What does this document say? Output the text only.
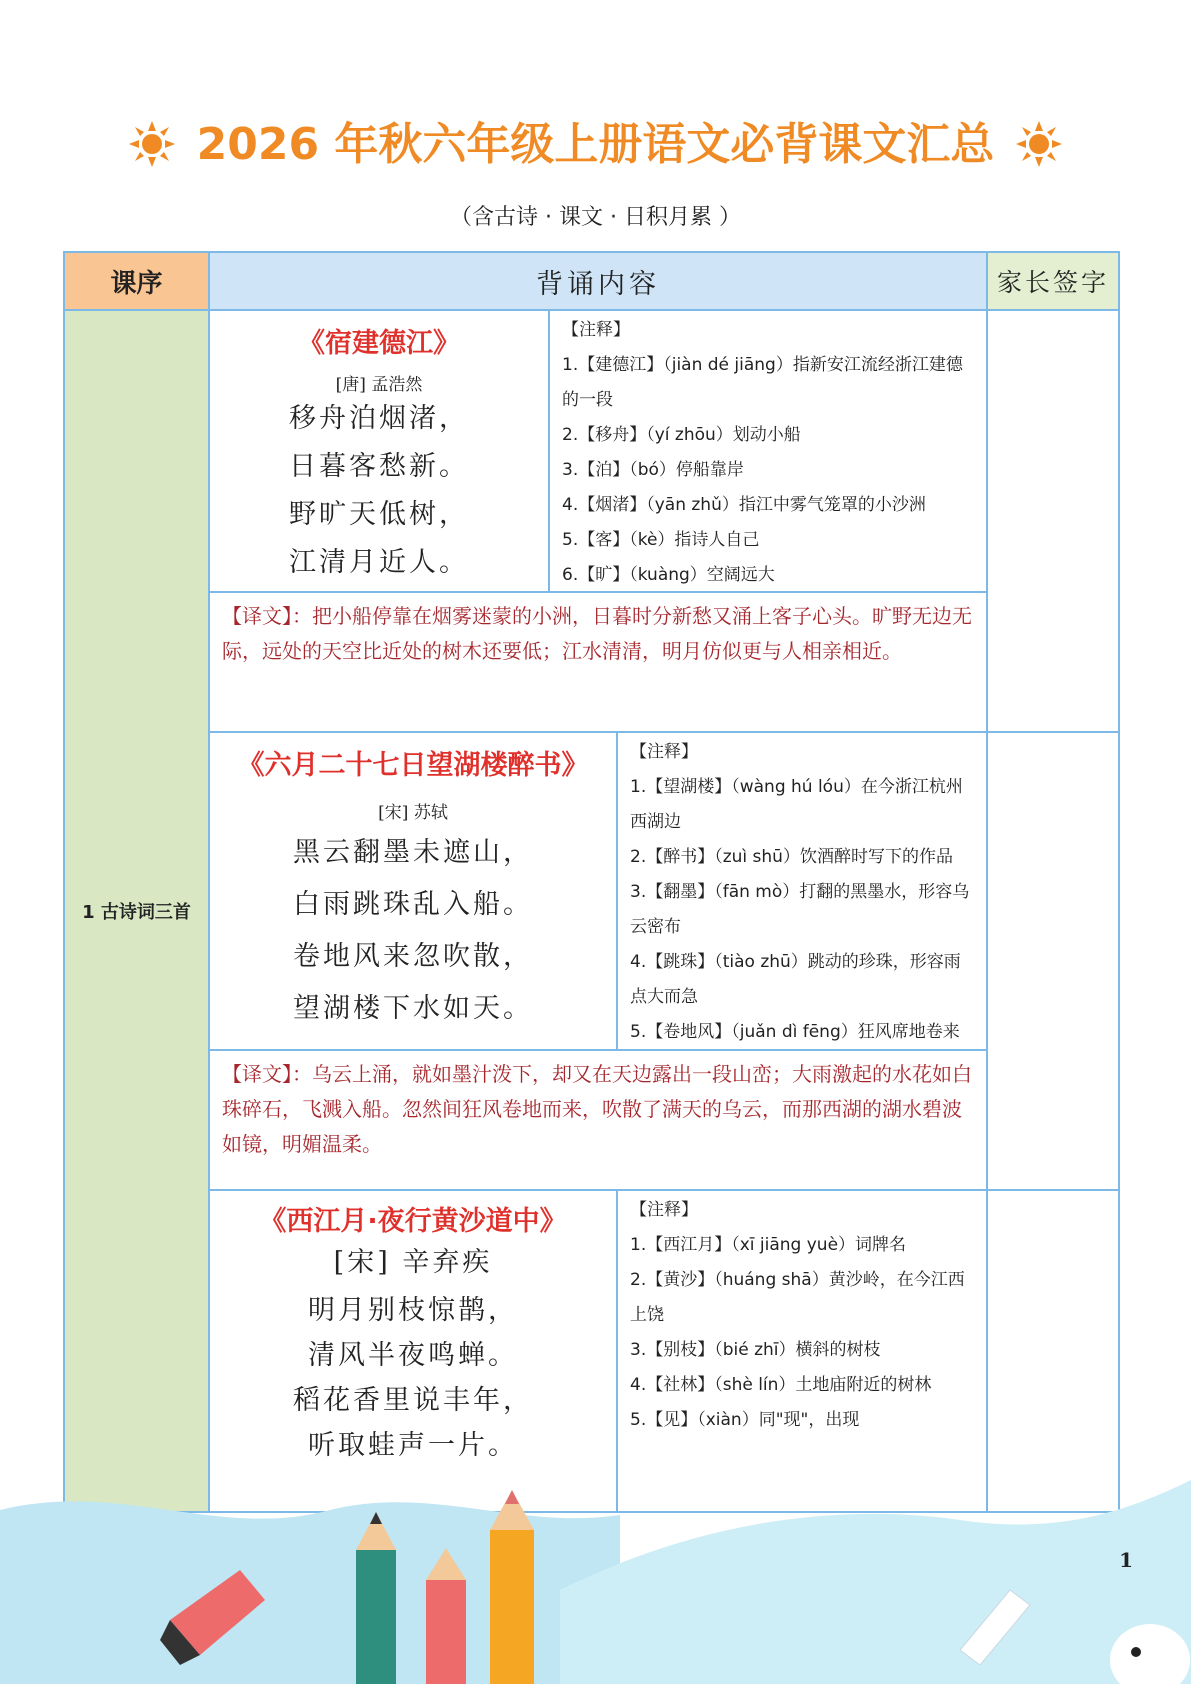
2026 年秋六年级上册语文必背课文汇总
（含古诗 · 课文 · 日积月累 ）
课序	背诵内容	家长签字
1 古诗词三首
《宿建德江》
[唐] 孟浩然
移舟泊烟渚，
日暮客愁新。
野旷天低树，
江清月近人。
【注释】
1.【建德江】（jiàn dé jiāng）指新安江流经浙江建德的一段
2.【移舟】（yí zhōu）划动小船
3.【泊】（bó）停船靠岸
4.【烟渚】（yān zhǔ）指江中雾气笼罩的小沙洲
5.【客】（kè）指诗人自己
6.【旷】（kuàng）空阔远大
【译文】：把小船停靠在烟雾迷蒙的小洲，日暮时分新愁又涌上客子心头。旷野无边无际，远处的天空比近处的树木还要低；江水清清，明月仿似更与人相亲相近。
《六月二十七日望湖楼醉书》
[宋] 苏轼
黑云翻墨未遮山，
白雨跳珠乱入船。
卷地风来忽吹散，
望湖楼下水如天。
【注释】
1.【望湖楼】（wàng hú lóu）在今浙江杭州西湖边
2.【醉书】（zuì shū）饮酒醉时写下的作品
3.【翻墨】（fān mò）打翻的黑墨水，形容乌云密布
4.【跳珠】（tiào zhū）跳动的珍珠，形容雨点大而急
5.【卷地风】（juǎn dì fēng）狂风席地卷来
【译文】：乌云上涌，就如墨汁泼下，却又在天边露出一段山峦；大雨激起的水花如白珠碎石，飞溅入船。忽然间狂风卷地而来，吹散了满天的乌云，而那西湖的湖水碧波如镜，明媚温柔。
《西江月·夜行黄沙道中》
[宋] 辛弃疾
明月别枝惊鹊，
清风半夜鸣蝉。
稻花香里说丰年，
听取蛙声一片。
【注释】
1.【西江月】（xī jiāng yuè）词牌名
2.【黄沙】（huáng shā）黄沙岭，在今江西上饶
3.【别枝】（bié zhī）横斜的树枝
4.【社林】（shè lín）土地庙附近的树林
5.【见】（xiàn）同"现"，出现
1
